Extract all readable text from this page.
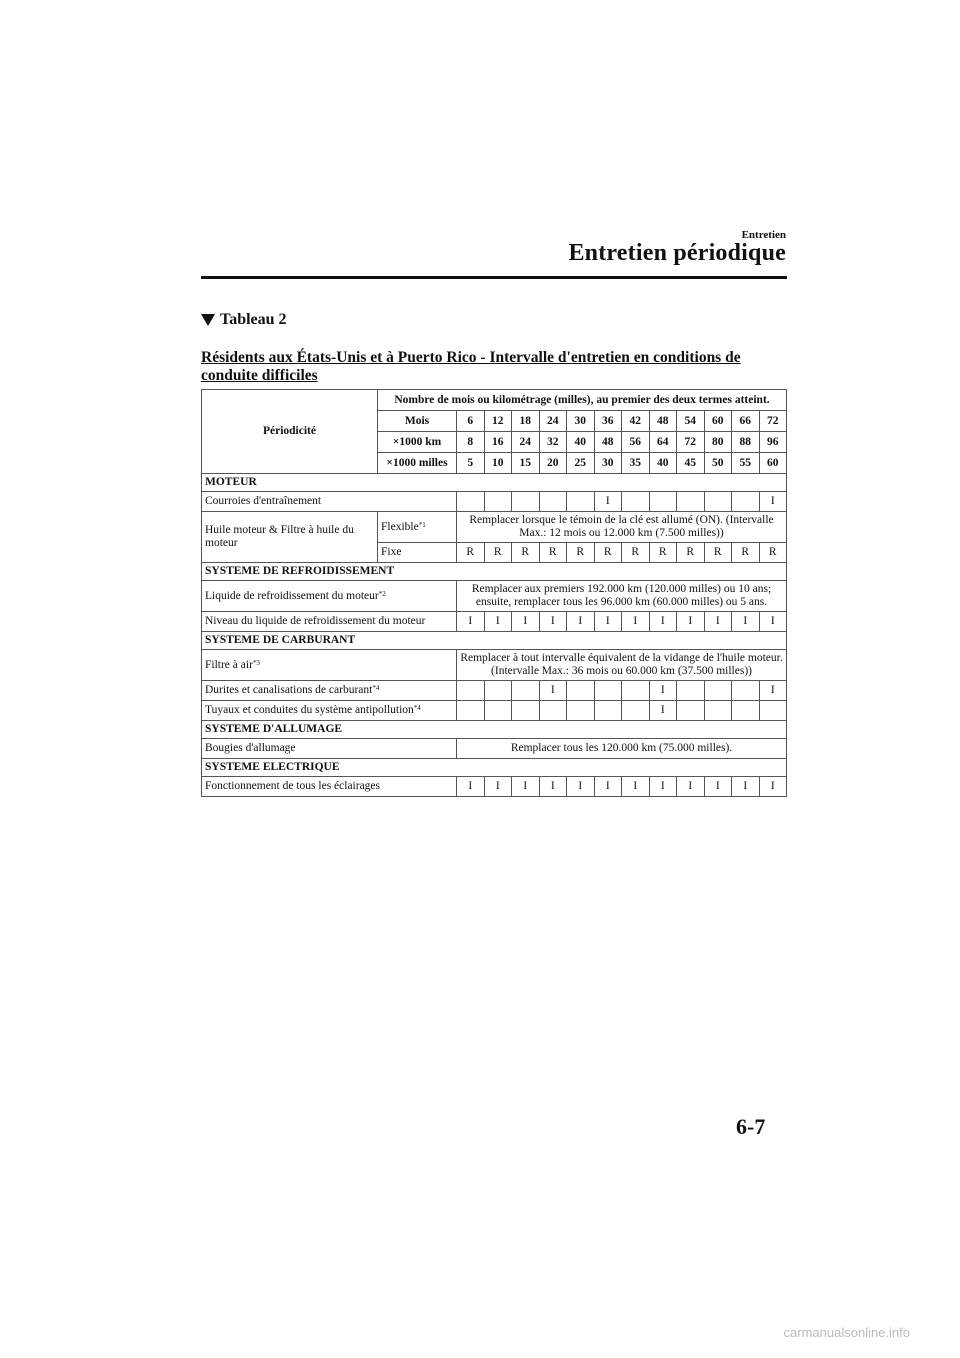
Entretien
Entretien périodique
Tableau 2
Résidents aux États-Unis et à Puerto Rico - Intervalle d'entretien en conditions de conduite difficiles
Périodicité	Nombre de mois ou kilométrage (milles), au premier des deux termes atteint.												
	Mois	6	12	18	24	30	36	42	48	54	60	66	72
	×1000 km	8	16	24	32	40	48	56	64	72	80	88	96
	×1000 milles	5	10	15	20	25	30	35	40	45	50	55	60
MOTEUR													
Courroies d'entraînement							I						I
Huile moteur & Filtre à huile du moteur	Flexible$^{*1}$	Remplacer lorsque le témoin de la clé est allumé (ON). (Intervalle Max.: 12 mois ou 12.000 km (7.500 milles))											
	Fixe	R	R	R	R	R	R	R	R	R	R	R	R
SYSTEME DE REFROIDISSEMENT													
Liquide de refroidissement du moteur$^{*2}$		Remplacer aux premiers 192.000 km (120.000 milles) ou 10 ans; ensuite, remplacer tous les 96.000 km (60.000 milles) ou 5 ans.											
Niveau du liquide de refroidissement du moteur		I	I	I	I	I	I	I	I	I	I	I	I
SYSTEME DE CARBURANT													
Filtre à air$^{*3}$		Remplacer à tout intervalle équivalent de la vidange de l'huile moteur. (Intervalle Max.: 36 mois ou 60.000 km (37.500 milles))											
Durites et canalisations de carburant$^{*4}$					I				I				I
Tuyaux et conduites du système antipollution$^{*4}$									I				
SYSTEME D'ALLUMAGE													
Bougies d'allumage		Remplacer tous les 120.000 km (75.000 milles).											
SYSTEME ELECTRIQUE													
Fonctionnement de tous les éclairages		I	I	I	I	I	I	I	I	I	I	I	I
6-7
carmanualsonline.info
